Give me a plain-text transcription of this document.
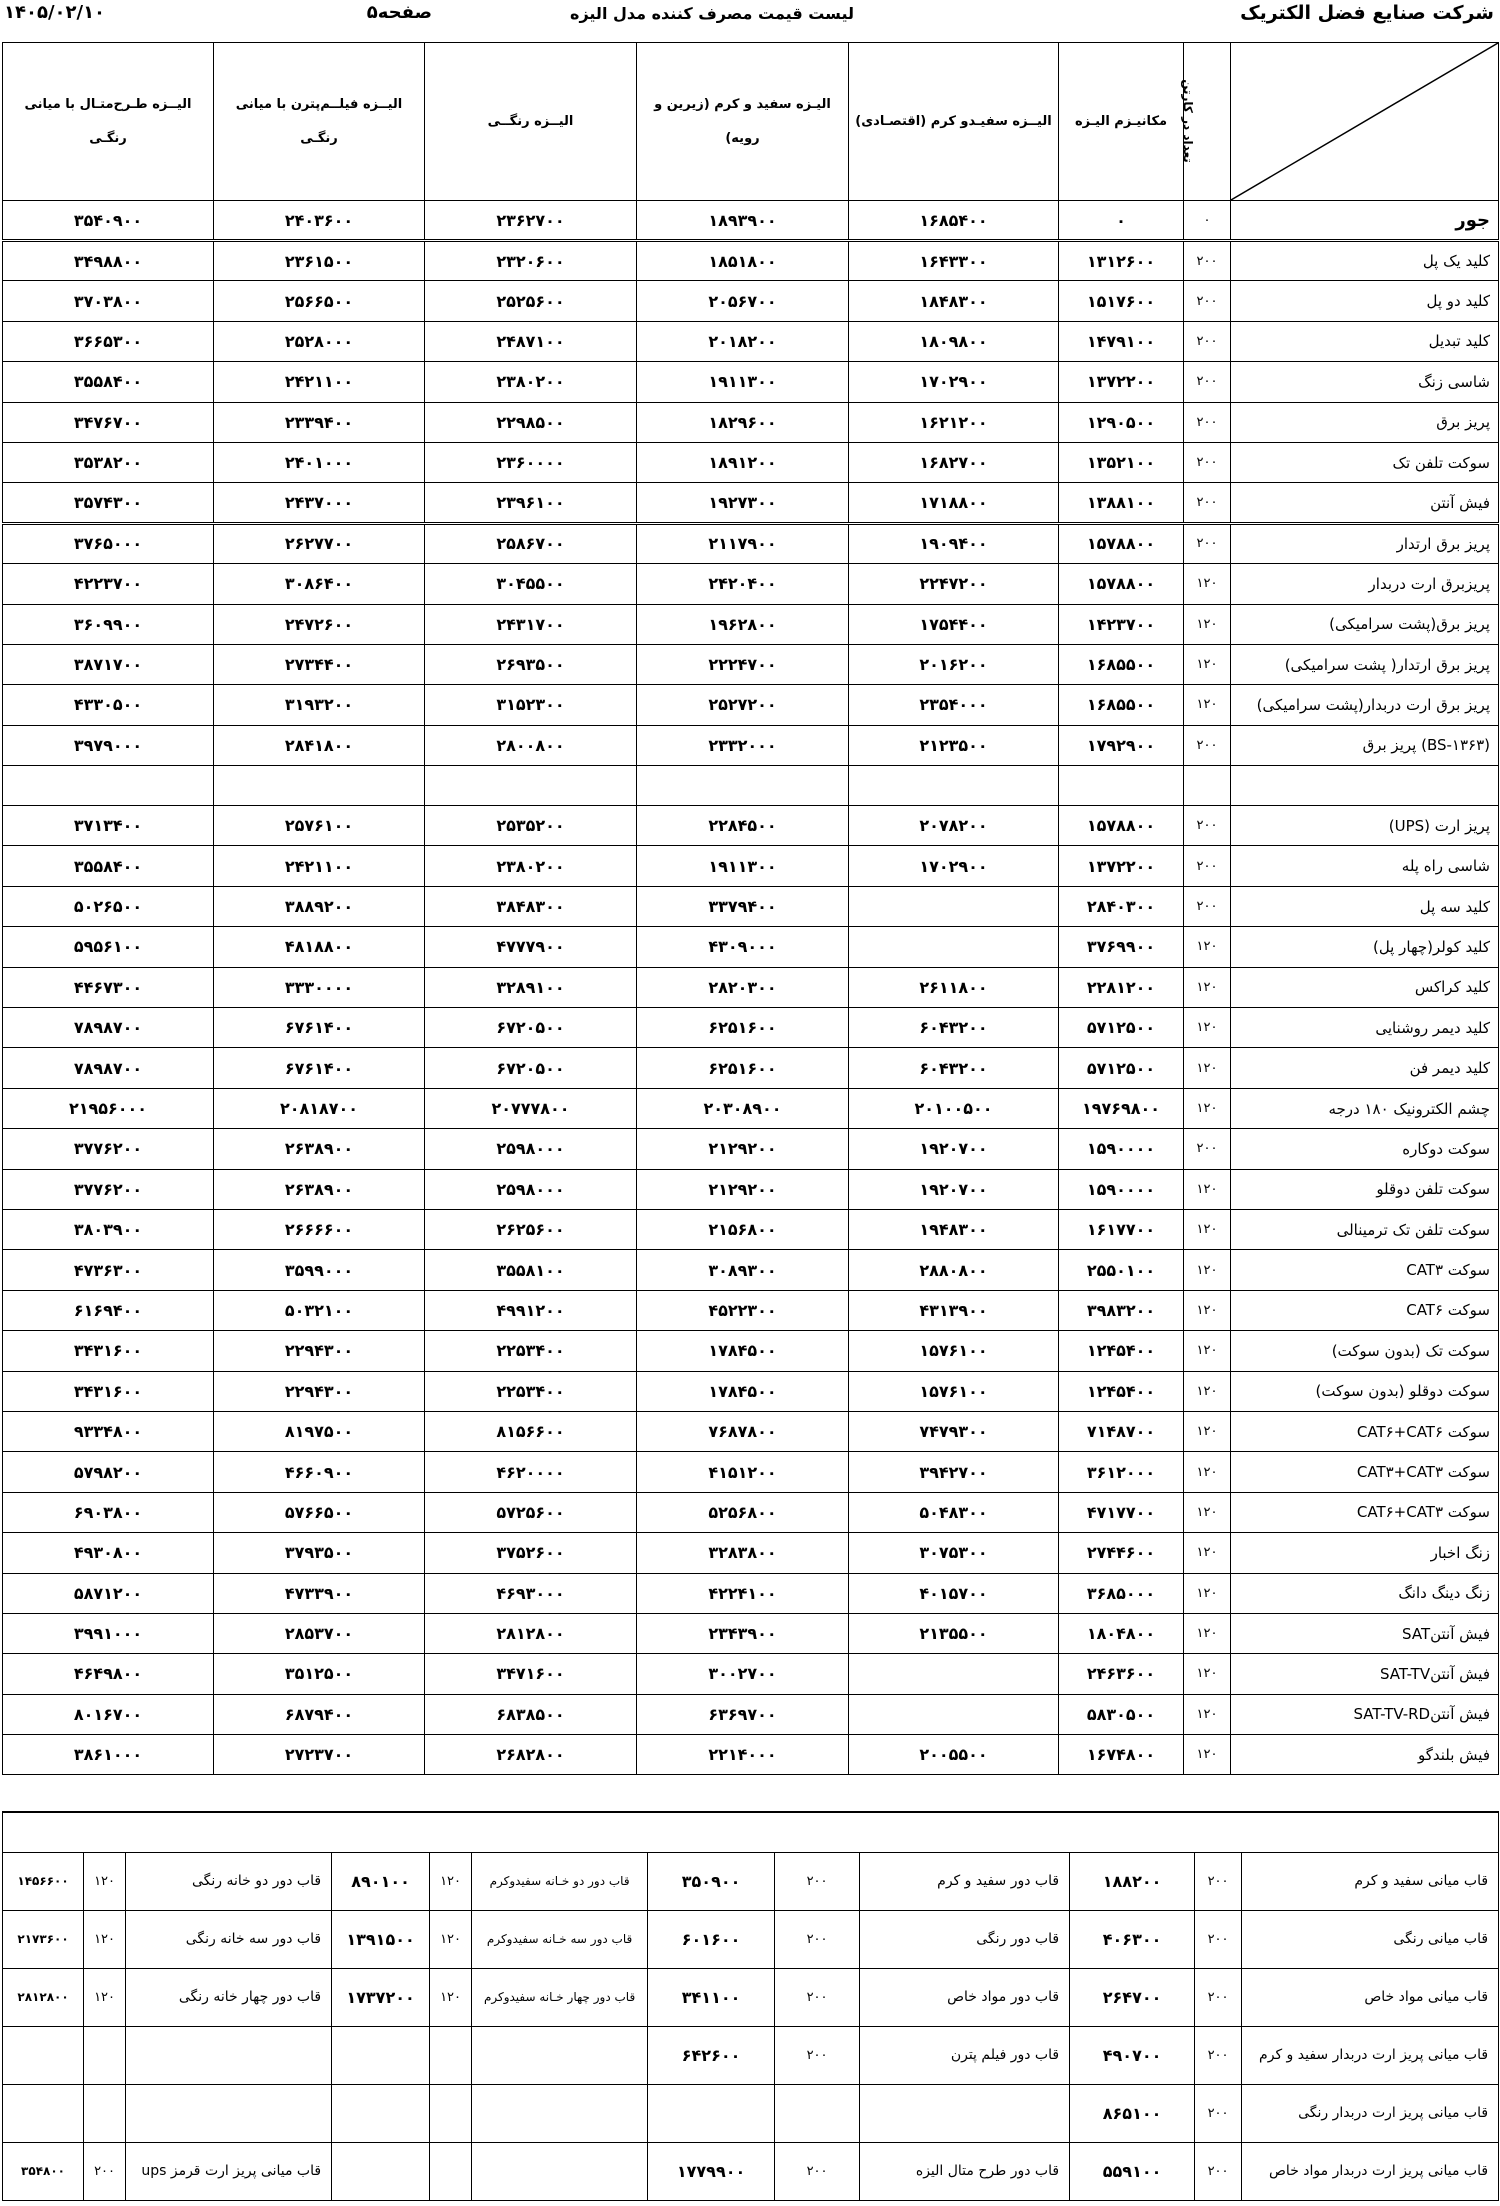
شرکت صنایع فضل الکتریک
لیست قیمت مصرف کننده مدل الیزه
صفحه۵
۱۴۰۵/۰۲/۱۰
	تعداد در کارتن	مکانیـزم الیـزه	الیــزه سفیـدو کرم (اقتصـادی)	الیـزه سفید و کرم (زیرین و رویه)	الیــزه رنگــی	الیــزه فیلــم‌پترن با میانی رنگـی	الیــزه طـرح‌متـال با میانی رنگـی
جور	۰	۰	۱۶۸۵۴۰۰	۱۸۹۳۹۰۰	۲۳۶۲۷۰۰	۲۴۰۳۶۰۰	۳۵۴۰۹۰۰
کلید یک پل	۲۰۰	۱۳۱۲۶۰۰	۱۶۴۳۳۰۰	۱۸۵۱۸۰۰	۲۳۲۰۶۰۰	۲۳۶۱۵۰۰	۳۴۹۸۸۰۰
کلید دو پل	۲۰۰	۱۵۱۷۶۰۰	۱۸۴۸۳۰۰	۲۰۵۶۷۰۰	۲۵۲۵۶۰۰	۲۵۶۶۵۰۰	۳۷۰۳۸۰۰
کلید تبدیل	۲۰۰	۱۴۷۹۱۰۰	۱۸۰۹۸۰۰	۲۰۱۸۲۰۰	۲۴۸۷۱۰۰	۲۵۲۸۰۰۰	۳۶۶۵۳۰۰
شاسی زنگ	۲۰۰	۱۳۷۲۲۰۰	۱۷۰۲۹۰۰	۱۹۱۱۳۰۰	۲۳۸۰۲۰۰	۲۴۲۱۱۰۰	۳۵۵۸۴۰۰
پریز برق	۲۰۰	۱۲۹۰۵۰۰	۱۶۲۱۲۰۰	۱۸۲۹۶۰۰	۲۲۹۸۵۰۰	۲۳۳۹۴۰۰	۳۴۷۶۷۰۰
سوکت تلفن تک	۲۰۰	۱۳۵۲۱۰۰	۱۶۸۲۷۰۰	۱۸۹۱۲۰۰	۲۳۶۰۰۰۰	۲۴۰۱۰۰۰	۳۵۳۸۲۰۰
فیش آنتن	۲۰۰	۱۳۸۸۱۰۰	۱۷۱۸۸۰۰	۱۹۲۷۳۰۰	۲۳۹۶۱۰۰	۲۴۳۷۰۰۰	۳۵۷۴۳۰۰
پریز برق ارتدار	۲۰۰	۱۵۷۸۸۰۰	۱۹۰۹۴۰۰	۲۱۱۷۹۰۰	۲۵۸۶۷۰۰	۲۶۲۷۷۰۰	۳۷۶۵۰۰۰
پریزبرق ارت دربدار	۱۲۰	۱۵۷۸۸۰۰	۲۲۴۷۲۰۰	۲۴۲۰۴۰۰	۳۰۴۵۵۰۰	۳۰۸۶۴۰۰	۴۲۲۳۷۰۰
پریز برق(پشت سرامیکی)	۱۲۰	۱۴۲۳۷۰۰	۱۷۵۴۴۰۰	۱۹۶۲۸۰۰	۲۴۳۱۷۰۰	۲۴۷۲۶۰۰	۳۶۰۹۹۰۰
پریز برق ارتدار( پشت سرامیکی)	۱۲۰	۱۶۸۵۵۰۰	۲۰۱۶۲۰۰	۲۲۲۴۷۰۰	۲۶۹۳۵۰۰	۲۷۳۴۴۰۰	۳۸۷۱۷۰۰
پریز برق ارت دربدار(پشت سرامیکی)	۱۲۰	۱۶۸۵۵۰۰	۲۳۵۴۰۰۰	۲۵۲۷۲۰۰	۳۱۵۲۳۰۰	۳۱۹۳۲۰۰	۴۳۳۰۵۰۰
(BS-۱۳۶۳) پریز برق	۲۰۰	۱۷۹۲۹۰۰	۲۱۲۳۵۰۰	۲۳۳۲۰۰۰	۲۸۰۰۸۰۰	۲۸۴۱۸۰۰	۳۹۷۹۰۰۰

پریز ارت (UPS)	۲۰۰	۱۵۷۸۸۰۰	۲۰۷۸۲۰۰	۲۲۸۴۵۰۰	۲۵۳۵۲۰۰	۲۵۷۶۱۰۰	۳۷۱۳۴۰۰
شاسی راه پله	۲۰۰	۱۳۷۲۲۰۰	۱۷۰۲۹۰۰	۱۹۱۱۳۰۰	۲۳۸۰۲۰۰	۲۴۲۱۱۰۰	۳۵۵۸۴۰۰
کلید سه پل	۲۰۰	۲۸۴۰۳۰۰		۳۳۷۹۴۰۰	۳۸۴۸۳۰۰	۳۸۸۹۲۰۰	۵۰۲۶۵۰۰
کلید کولر(چهار پل)	۱۲۰	۳۷۶۹۹۰۰		۴۳۰۹۰۰۰	۴۷۷۷۹۰۰	۴۸۱۸۸۰۰	۵۹۵۶۱۰۰
کلید کراکس	۱۲۰	۲۲۸۱۲۰۰	۲۶۱۱۸۰۰	۲۸۲۰۳۰۰	۳۲۸۹۱۰۰	۳۳۳۰۰۰۰	۴۴۶۷۳۰۰
کلید دیمر روشنایی	۱۲۰	۵۷۱۲۵۰۰	۶۰۴۳۲۰۰	۶۲۵۱۶۰۰	۶۷۲۰۵۰۰	۶۷۶۱۴۰۰	۷۸۹۸۷۰۰
کلید دیمر فن	۱۲۰	۵۷۱۲۵۰۰	۶۰۴۳۲۰۰	۶۲۵۱۶۰۰	۶۷۲۰۵۰۰	۶۷۶۱۴۰۰	۷۸۹۸۷۰۰
چشم الکترونیک ۱۸۰ درجه	۱۲۰	۱۹۷۶۹۸۰۰	۲۰۱۰۰۵۰۰	۲۰۳۰۸۹۰۰	۲۰۷۷۷۸۰۰	۲۰۸۱۸۷۰۰	۲۱۹۵۶۰۰۰
سوکت دوکاره	۲۰۰	۱۵۹۰۰۰۰	۱۹۲۰۷۰۰	۲۱۲۹۲۰۰	۲۵۹۸۰۰۰	۲۶۳۸۹۰۰	۳۷۷۶۲۰۰
سوکت تلفن دوقلو	۱۲۰	۱۵۹۰۰۰۰	۱۹۲۰۷۰۰	۲۱۲۹۲۰۰	۲۵۹۸۰۰۰	۲۶۳۸۹۰۰	۳۷۷۶۲۰۰
سوکت تلفن تک ترمینالی	۱۲۰	۱۶۱۷۷۰۰	۱۹۴۸۳۰۰	۲۱۵۶۸۰۰	۲۶۲۵۶۰۰	۲۶۶۶۶۰۰	۳۸۰۳۹۰۰
سوکت CAT۳	۱۲۰	۲۵۵۰۱۰۰	۲۸۸۰۸۰۰	۳۰۸۹۳۰۰	۳۵۵۸۱۰۰	۳۵۹۹۰۰۰	۴۷۳۶۳۰۰
سوکت CAT۶	۱۲۰	۳۹۸۳۲۰۰	۴۳۱۳۹۰۰	۴۵۲۲۳۰۰	۴۹۹۱۲۰۰	۵۰۳۲۱۰۰	۶۱۶۹۴۰۰
سوکت تک (بدون سوکت)	۱۲۰	۱۲۴۵۴۰۰	۱۵۷۶۱۰۰	۱۷۸۴۵۰۰	۲۲۵۳۴۰۰	۲۲۹۴۳۰۰	۳۴۳۱۶۰۰
سوکت دوقلو (بدون سوکت)	۱۲۰	۱۲۴۵۴۰۰	۱۵۷۶۱۰۰	۱۷۸۴۵۰۰	۲۲۵۳۴۰۰	۲۲۹۴۳۰۰	۳۴۳۱۶۰۰
سوکت CAT۶+CAT۶	۱۲۰	۷۱۴۸۷۰۰	۷۴۷۹۳۰۰	۷۶۸۷۸۰۰	۸۱۵۶۶۰۰	۸۱۹۷۵۰۰	۹۳۳۴۸۰۰
سوکت CAT۳+CAT۳	۱۲۰	۳۶۱۲۰۰۰	۳۹۴۲۷۰۰	۴۱۵۱۲۰۰	۴۶۲۰۰۰۰	۴۶۶۰۹۰۰	۵۷۹۸۲۰۰
سوکت CAT۶+CAT۳	۱۲۰	۴۷۱۷۷۰۰	۵۰۴۸۳۰۰	۵۲۵۶۸۰۰	۵۷۲۵۶۰۰	۵۷۶۶۵۰۰	۶۹۰۳۸۰۰
زنگ اخبار	۱۲۰	۲۷۴۴۶۰۰	۳۰۷۵۳۰۰	۳۲۸۳۸۰۰	۳۷۵۲۶۰۰	۳۷۹۳۵۰۰	۴۹۳۰۸۰۰
زنگ دینگ دانگ	۱۲۰	۳۶۸۵۰۰۰	۴۰۱۵۷۰۰	۴۲۲۴۱۰۰	۴۶۹۳۰۰۰	۴۷۳۳۹۰۰	۵۸۷۱۲۰۰
فیش آنتنSAT	۱۲۰	۱۸۰۴۸۰۰	۲۱۳۵۵۰۰	۲۳۴۳۹۰۰	۲۸۱۲۸۰۰	۲۸۵۳۷۰۰	۳۹۹۱۰۰۰
فیش آنتنSAT-TV	۱۲۰	۲۴۶۳۶۰۰		۳۰۰۲۷۰۰	۳۴۷۱۶۰۰	۳۵۱۲۵۰۰	۴۶۴۹۸۰۰
فیش آنتنSAT-TV-RD	۱۲۰	۵۸۳۰۵۰۰		۶۳۶۹۷۰۰	۶۸۳۸۵۰۰	۶۸۷۹۴۰۰	۸۰۱۶۷۰۰
فیش بلندگو	۱۲۰	۱۶۷۴۸۰۰	۲۰۰۵۵۰۰	۲۲۱۴۰۰۰	۲۶۸۲۸۰۰	۲۷۲۳۷۰۰	۳۸۶۱۰۰۰

قاب میانی سفید و کرم	۲۰۰	۱۸۸۲۰۰	قاب دور سفید و کرم	۲۰۰	۳۵۰۹۰۰	قاب دور دو خـانه سفیدوکرم	۱۲۰	۸۹۰۱۰۰	قاب دور دو خانه رنگی	۱۲۰	۱۴۵۶۶۰۰
قاب میانی رنگی	۲۰۰	۴۰۶۳۰۰	قاب دور رنگی	۲۰۰	۶۰۱۶۰۰	قاب دور سه خـانه سفیدوکرم	۱۲۰	۱۳۹۱۵۰۰	قاب دور سه خانه رنگی	۱۲۰	۲۱۷۳۶۰۰
قاب میانی مواد خاص	۲۰۰	۲۶۴۷۰۰	قاب دور مواد خاص	۲۰۰	۳۴۱۱۰۰	قاب دور چهار خـانه سفیدوکرم	۱۲۰	۱۷۳۷۲۰۰	قاب دور چهار خانه رنگی	۱۲۰	۲۸۱۲۸۰۰
قاب میانی پریز ارت دربدار سفید و کرم	۲۰۰	۴۹۰۷۰۰	قاب دور فیلم پترن	۲۰۰	۶۴۲۶۰۰						
قاب میانی پریز ارت دربدار رنگی	۲۰۰	۸۶۵۱۰۰									
قاب میانی پریز ارت دربدار مواد خاص	۲۰۰	۵۵۹۱۰۰	قاب دور طرح متال الیزه	۲۰۰	۱۷۷۹۹۰۰				قاب میانی پریز ارت قرمز ups	۲۰۰	۳۵۴۸۰۰
